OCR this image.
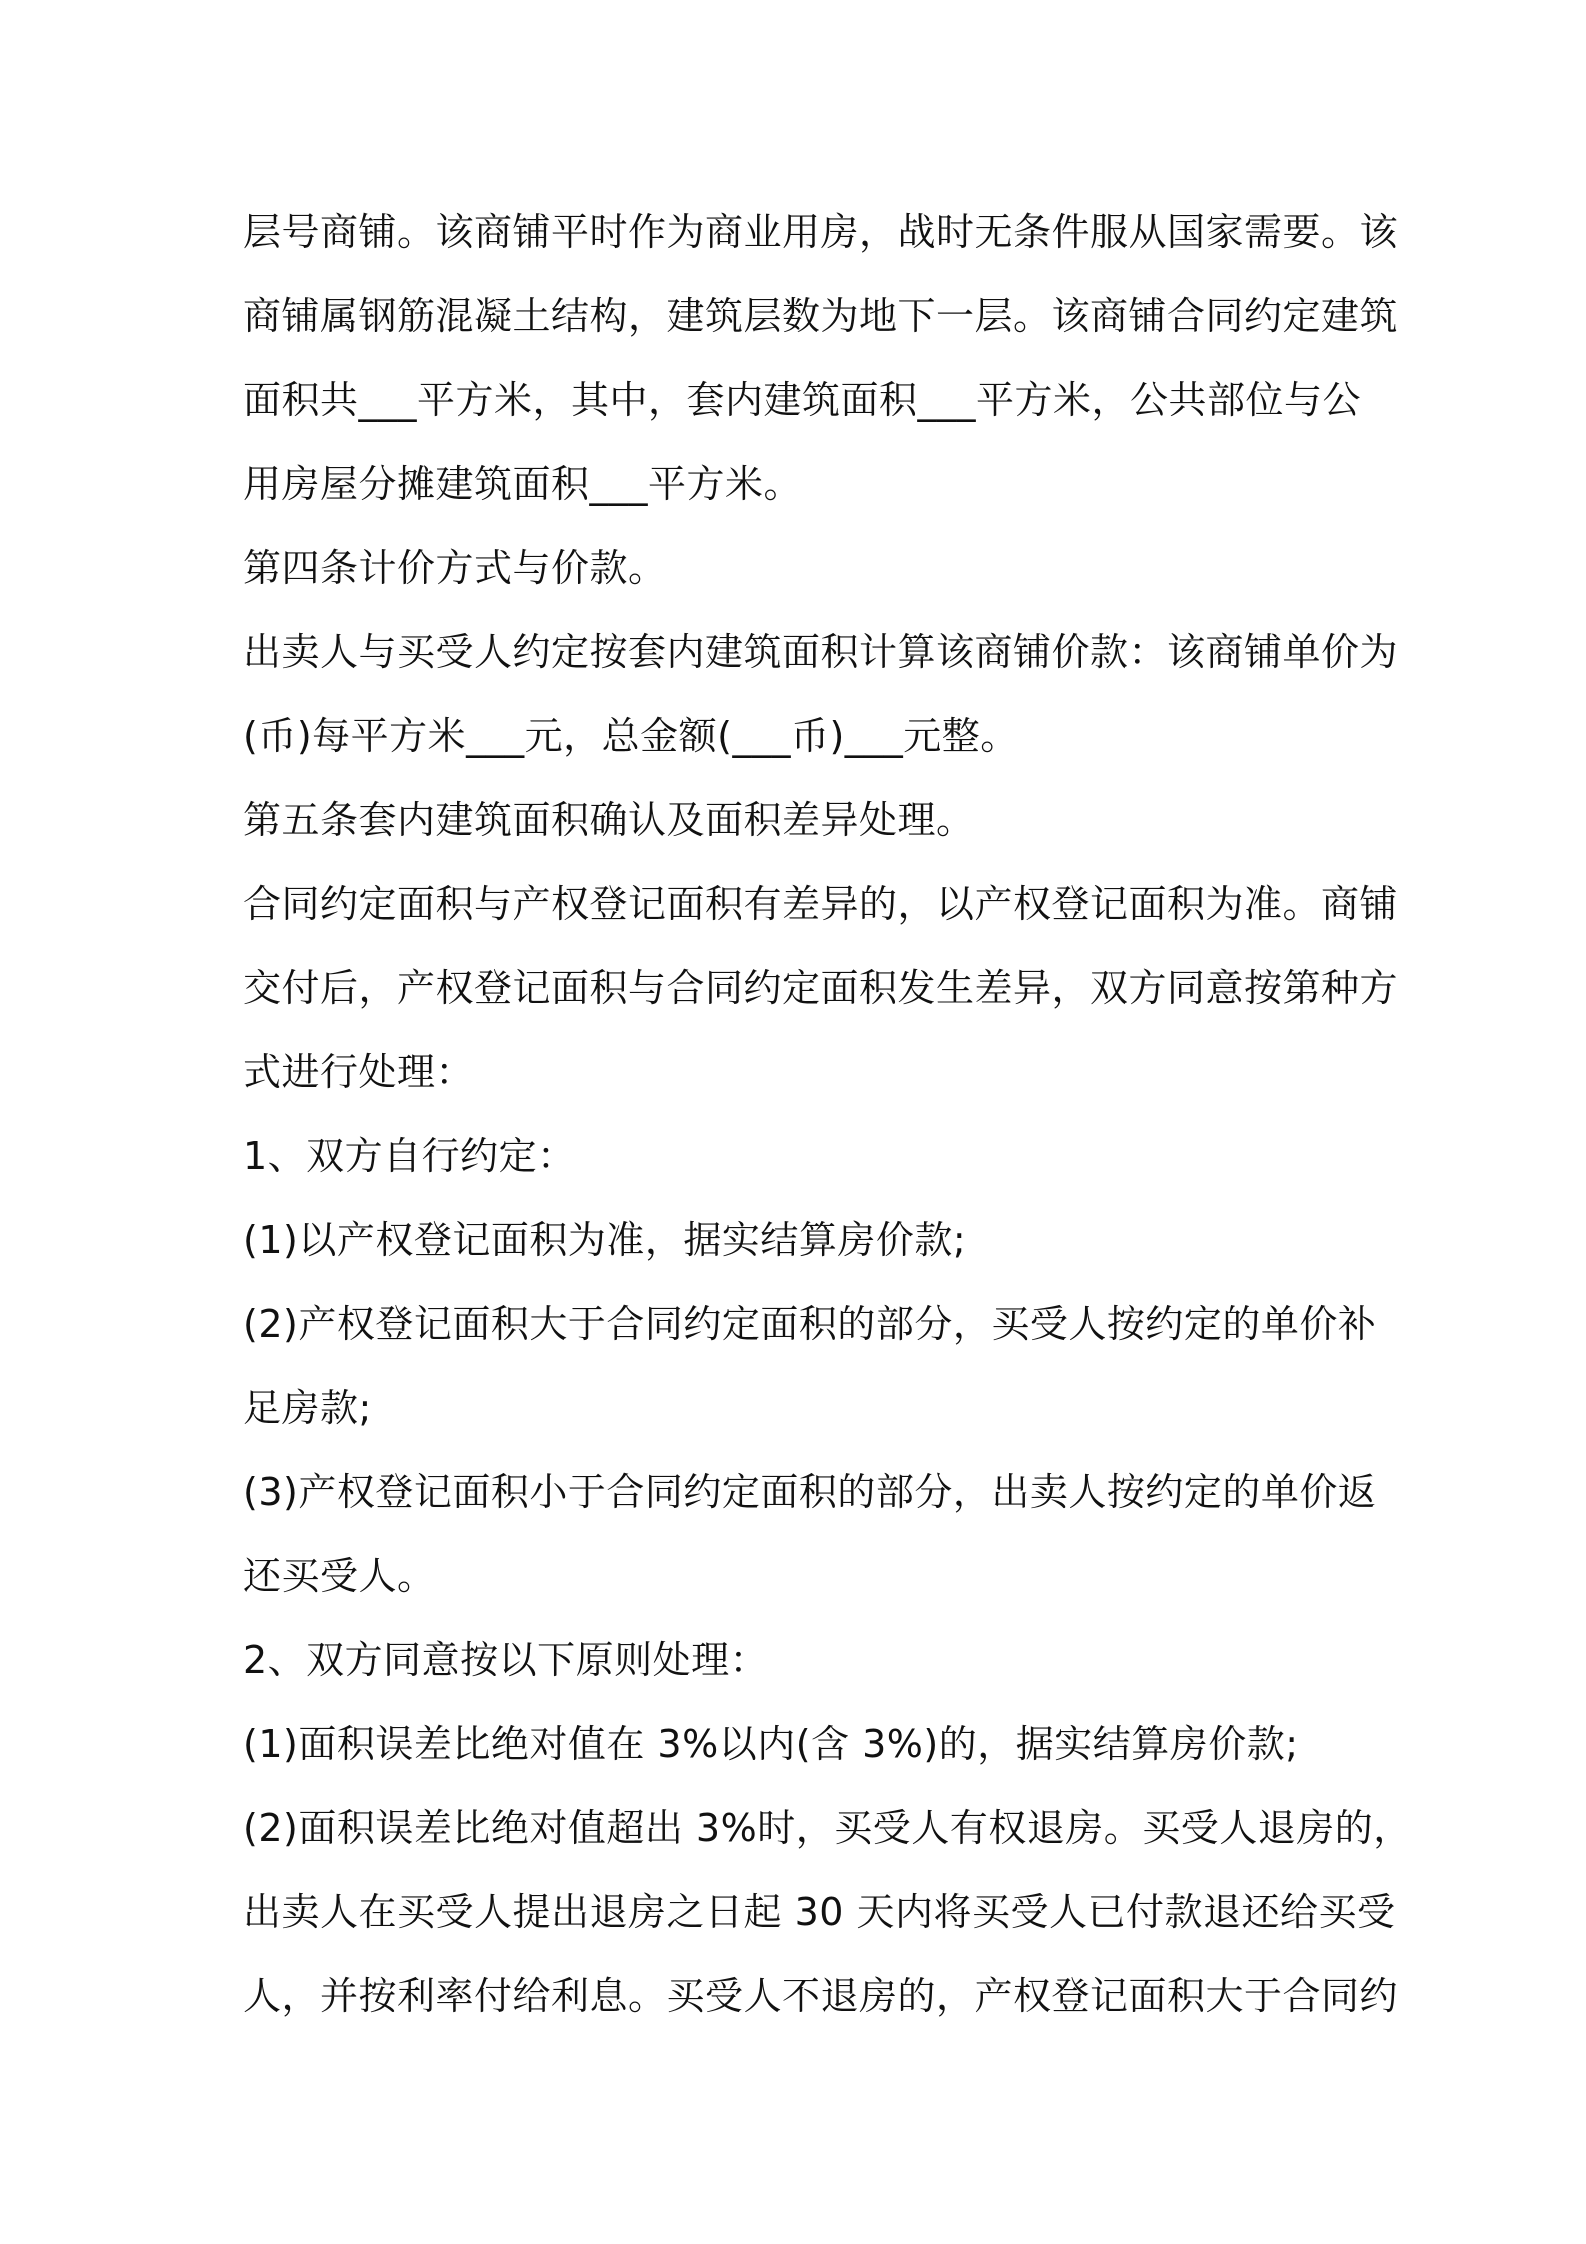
层号商铺。该商铺平时作为商业用房，战时无条件服从国家需要。该

商铺属钢筋混凝土结构，建筑层数为地下一层。该商铺合同约定建筑

面积共___平方米，其中，套内建筑面积___平方米，公共部位与公

用房屋分摊建筑面积___平方米。

第四条计价方式与价款。

出卖人与买受人约定按套内建筑面积计算该商铺价款：该商铺单价为

(币)每平方米___元，总金额(___币)___元整。

第五条套内建筑面积确认及面积差异处理。

合同约定面积与产权登记面积有差异的，以产权登记面积为准。商铺

交付后，产权登记面积与合同约定面积发生差异，双方同意按第种方

式进行处理：

1、双方自行约定：

(1)以产权登记面积为准，据实结算房价款;

(2)产权登记面积大于合同约定面积的部分，买受人按约定的单价补

足房款;

(3)产权登记面积小于合同约定面积的部分，出卖人按约定的单价返

还买受人。

2、双方同意按以下原则处理：

(1)面积误差比绝对值在 3%以内(含 3%)的，据实结算房价款;

(2)面积误差比绝对值超出 3%时，买受人有权退房。买受人退房的，

出卖人在买受人提出退房之日起 30 天内将买受人已付款退还给买受

人，并按利率付给利息。买受人不退房的，产权登记面积大于合同约
